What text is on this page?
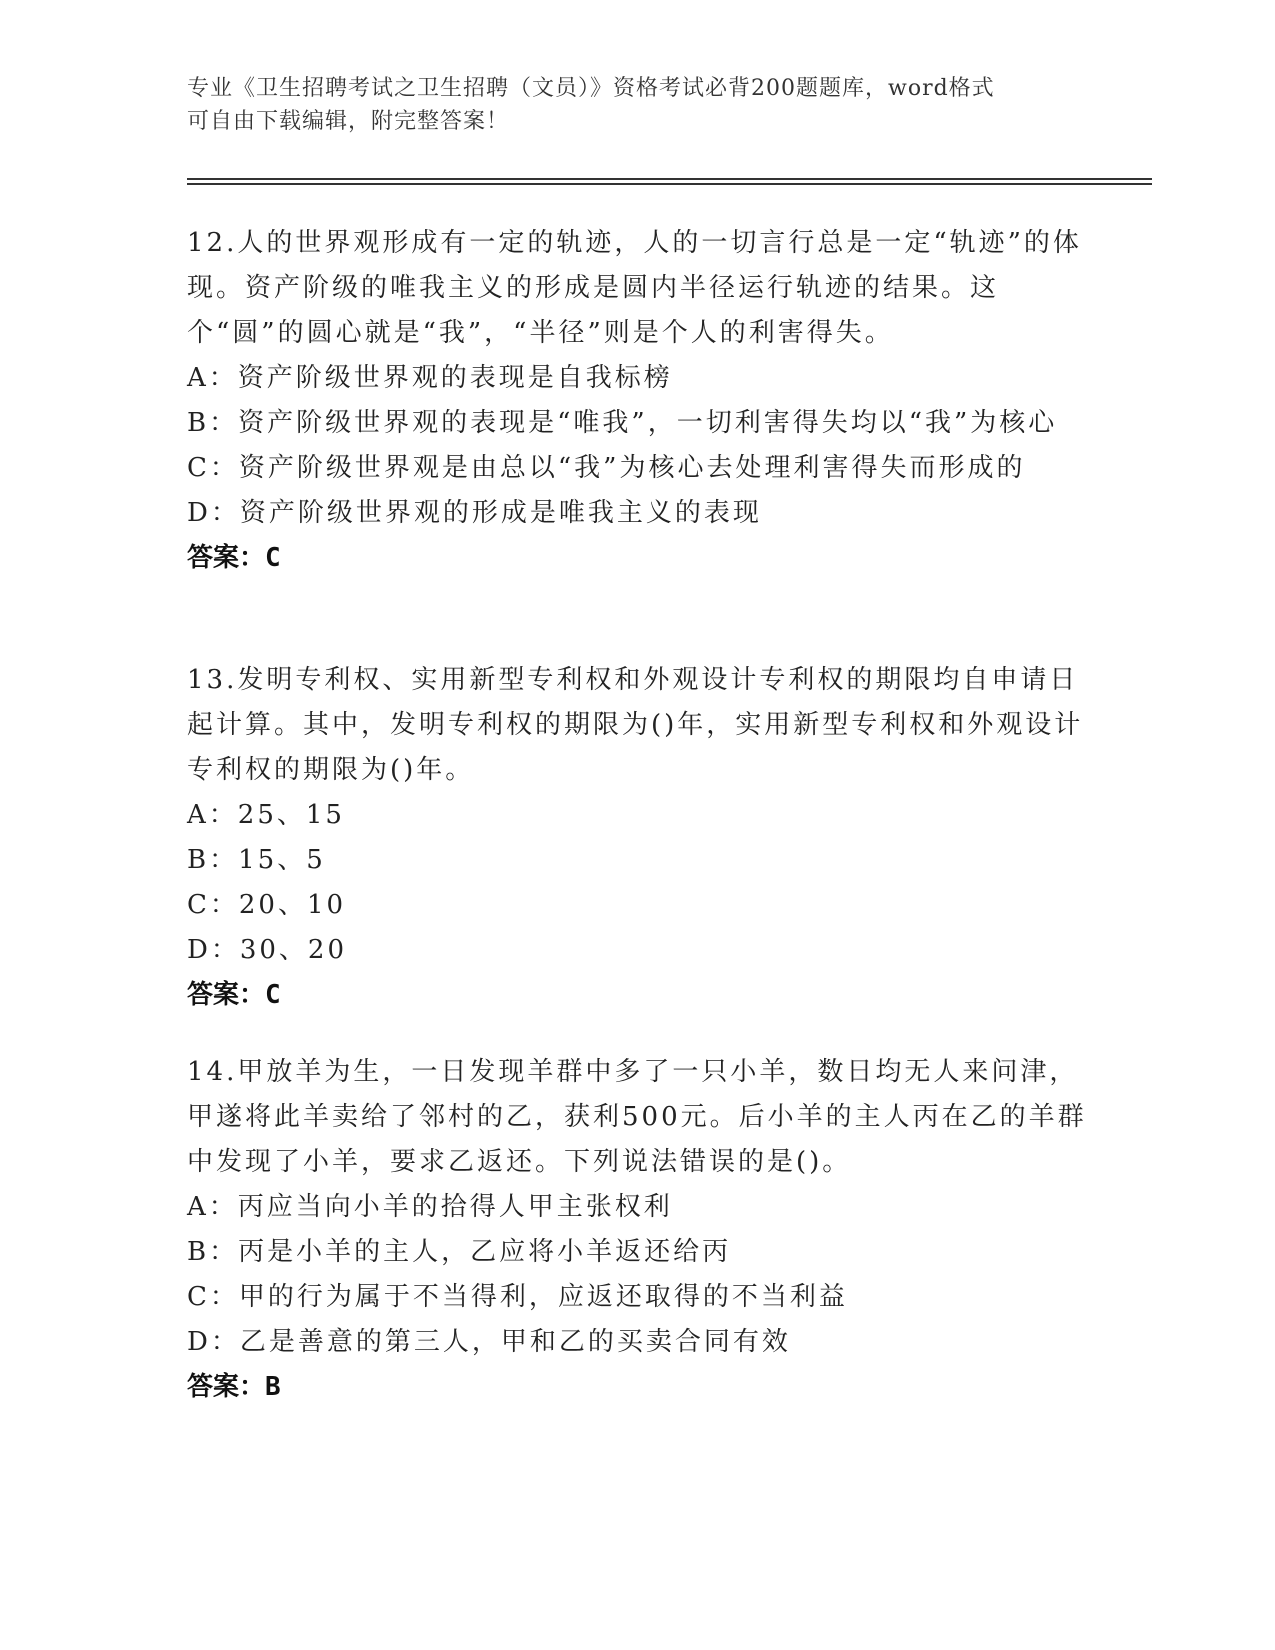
专业《卫生招聘考试之卫生招聘（文员）》资格考试必背200题题库，word格式
可自由下载编辑，附完整答案！

12.人的世界观形成有一定的轨迹，人的一切言行总是一定“轨迹”的体现。资产阶级的唯我主义的形成是圆内半径运行轨迹的结果。这个“圆”的圆心就是“我”，“半径”则是个人的利害得失。

A：资产阶级世界观的表现是自我标榜

B：资产阶级世界观的表现是“唯我”，一切利害得失均以“我”为核心

C：资产阶级世界观是由总以“我”为核心去处理利害得失而形成的

D：资产阶级世界观的形成是唯我主义的表现

答案：C

13.发明专利权、实用新型专利权和外观设计专利权的期限均自申请日起计算。其中，发明专利权的期限为()年，实用新型专利权和外观设计专利权的期限为()年。

A：25、15

B：15、5

C：20、10

D：30、20

答案：C

14.甲放羊为生，一日发现羊群中多了一只小羊，数日均无人来问津，甲遂将此羊卖给了邻村的乙，获利500元。后小羊的主人丙在乙的羊群中发现了小羊，要求乙返还。下列说法错误的是()。

A：丙应当向小羊的拾得人甲主张权利

B：丙是小羊的主人，乙应将小羊返还给丙

C：甲的行为属于不当得利，应返还取得的不当利益

D：乙是善意的第三人，甲和乙的买卖合同有效

答案：B
